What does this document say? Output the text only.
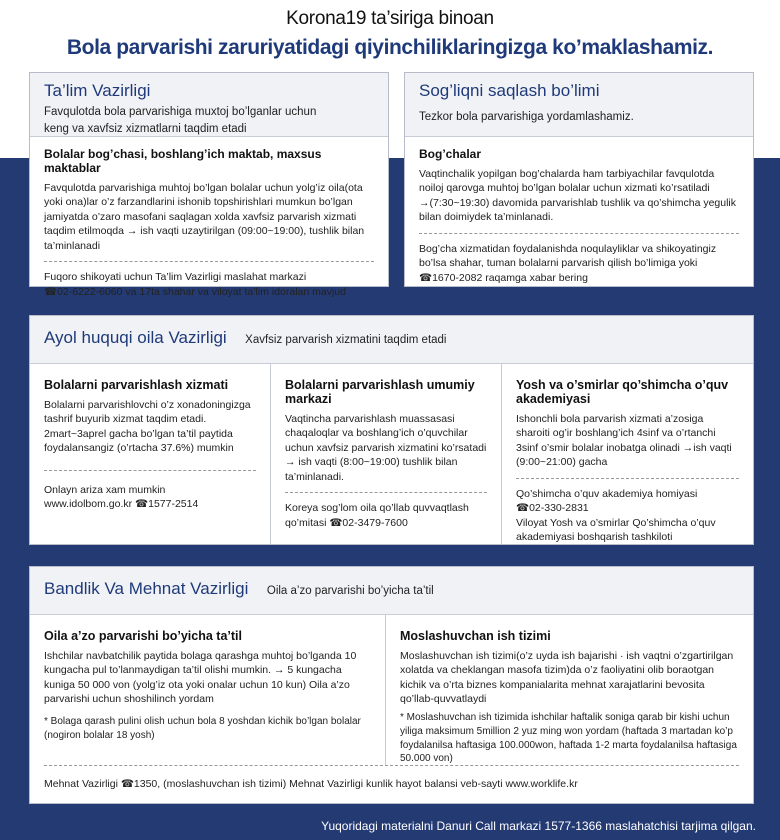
Korona19 ta’siriga binoan
Bola parvarishi zaruriyatidagi qiyinchiliklaringizga ko’maklashamiz.
Ta’lim Vazirligi
Favqulotda bola parvarishiga muxtoj bo’lganlar uchun keng va xavfsiz xizmatlarni taqdim etadi
Bolalar bog’chasi, boshlang’ich maktab, maxsus maktablar
Favqulotda parvarishiga muhtoj bo’lgan bolalar uchun yolg’iz oila(ota yoki ona)lar o’z farzandlarini ishonib topshirishlari mumkun bo’lgan jamiyatda o’zaro masofani saqlagan xolda xavfsiz parvarish xizmati taqdim etilmoqda → ish vaqti uzaytirilgan (09:00~19:00), tushlik bilan ta’minlanadi
Fuqoro shikoyati uchun Ta’lim Vazirligi maslahat markazi
☎02-6222-6060 va 17ta shahar va viloyat ta’lim idoralari mavjud
Sog’liqni saqlash bo’limi
Tezkor bola parvarishiga yordamlashamiz.
Bog’chalar
Vaqtinchalik yopilgan bog’chalarda ham tarbiyachilar favqulotda noiloj qarovga muhtoj bo’lgan bolalar uchun xizmati ko’rsatiladi →(7:30~19:30) davomida parvarishlab tushlik va qo’shimcha yegulik bilan doimiydek ta’minlanadi.
Bog’cha xizmatidan foydalanishda noqulayliklar va shikoyatingiz bo’lsa shahar, tuman bolalarni parvarish qilish bo’limiga yoki ☎1670-2082 raqamga xabar bering
Ayol huquqi oila Vazirligi Xavfsiz parvarish xizmatini taqdim etadi
Bolalarni parvarishlash xizmati
Bolalarni parvarishlovchi o’z xonadoningizga tashrif buyurib xizmat taqdim etadi. 2mart~3aprel gacha bo’lgan ta’til paytida foydalansangiz (o’rtacha 37.6%) mumkin
Onlayn ariza xam mumkin
www.idolbom.go.kr ☎1577-2514
Bolalarni parvarishlash umumiy markazi
Vaqtincha parvarishlash muassasasi chaqaloqlar va boshlang’ich o’quvchilar uchun xavfsiz parvarish xizmatini ko’rsatadi → ish vaqti (8:00~19:00) tushlik bilan ta’minlanadi.
Koreya sog’lom oila qo’llab quvvaqtlash qo’mitasi ☎02-3479-7600
Yosh va o’smirlar qo’shimcha o’quv akademiyasi
Ishonchli bola parvarish xizmati a’zosiga sharoiti og’ir boshlang’ich 4sinf va o’rtanchi 3sinf o’smir bolalar inobatga olinadi →ish vaqti (9:00~21:00) gacha
Qo’shimcha o’quv akademiya homiyasi
☎02-330-2831
Viloyat Yosh va o’smirlar Qo’shimcha o’quv akademiyasi boshqarish tashkiloti
Bandlik Va Mehnat Vazirligi Oila a’zo parvarishi bo’yicha ta’til
Oila a’zo parvarishi bo’yicha ta’til
Ishchilar navbatchilik paytida bolaga qarashga muhtoj bo’lganda 10 kungacha pul to’lanmaydigan ta’til olishi mumkin. → 5 kungacha kuniga 50 000 von (yolg’iz ota yoki onalar uchun 10 kun) Oila a’zo parvarishi uchun shoshilinch yordam
* Bolaga qarash pulini olish uchun bola 8 yoshdan kichik bo’lgan bolalar (nogiron bolalar 18 yosh)
Moslashuvchan ish tizimi
Moslashuvchan ish tizimi(o’z uyda ish bajarishi · ish vaqtni o’zgartirilgan xolatda va cheklangan masofa tizim)da o’z faoliyatini olib boraotgan kichik va o’rta biznes kompanialarita mehnat xarajatlarini bevosita qo’llab-quvvatlaydi
* Moslashuvchan ish tizimida ishchilar haftalik soniga qarab bir kishi uchun yiliga maksimum 5million 2 yuz ming won yordam (haftada 3 martadan ko’p foydalanilsa haftasiga 100.000won, haftada 1-2 marta foydalanilsa haftasiga 50.000 von)
Mehnat Vazirligi ☎1350, (moslashuvchan ish tizimi) Mehnat Vazirligi kunlik hayot balansi veb-sayti www.worklife.kr
Yuqoridagi materialni Danuri Call markazi 1577-1366 maslahatchisi tarjima qilgan.
